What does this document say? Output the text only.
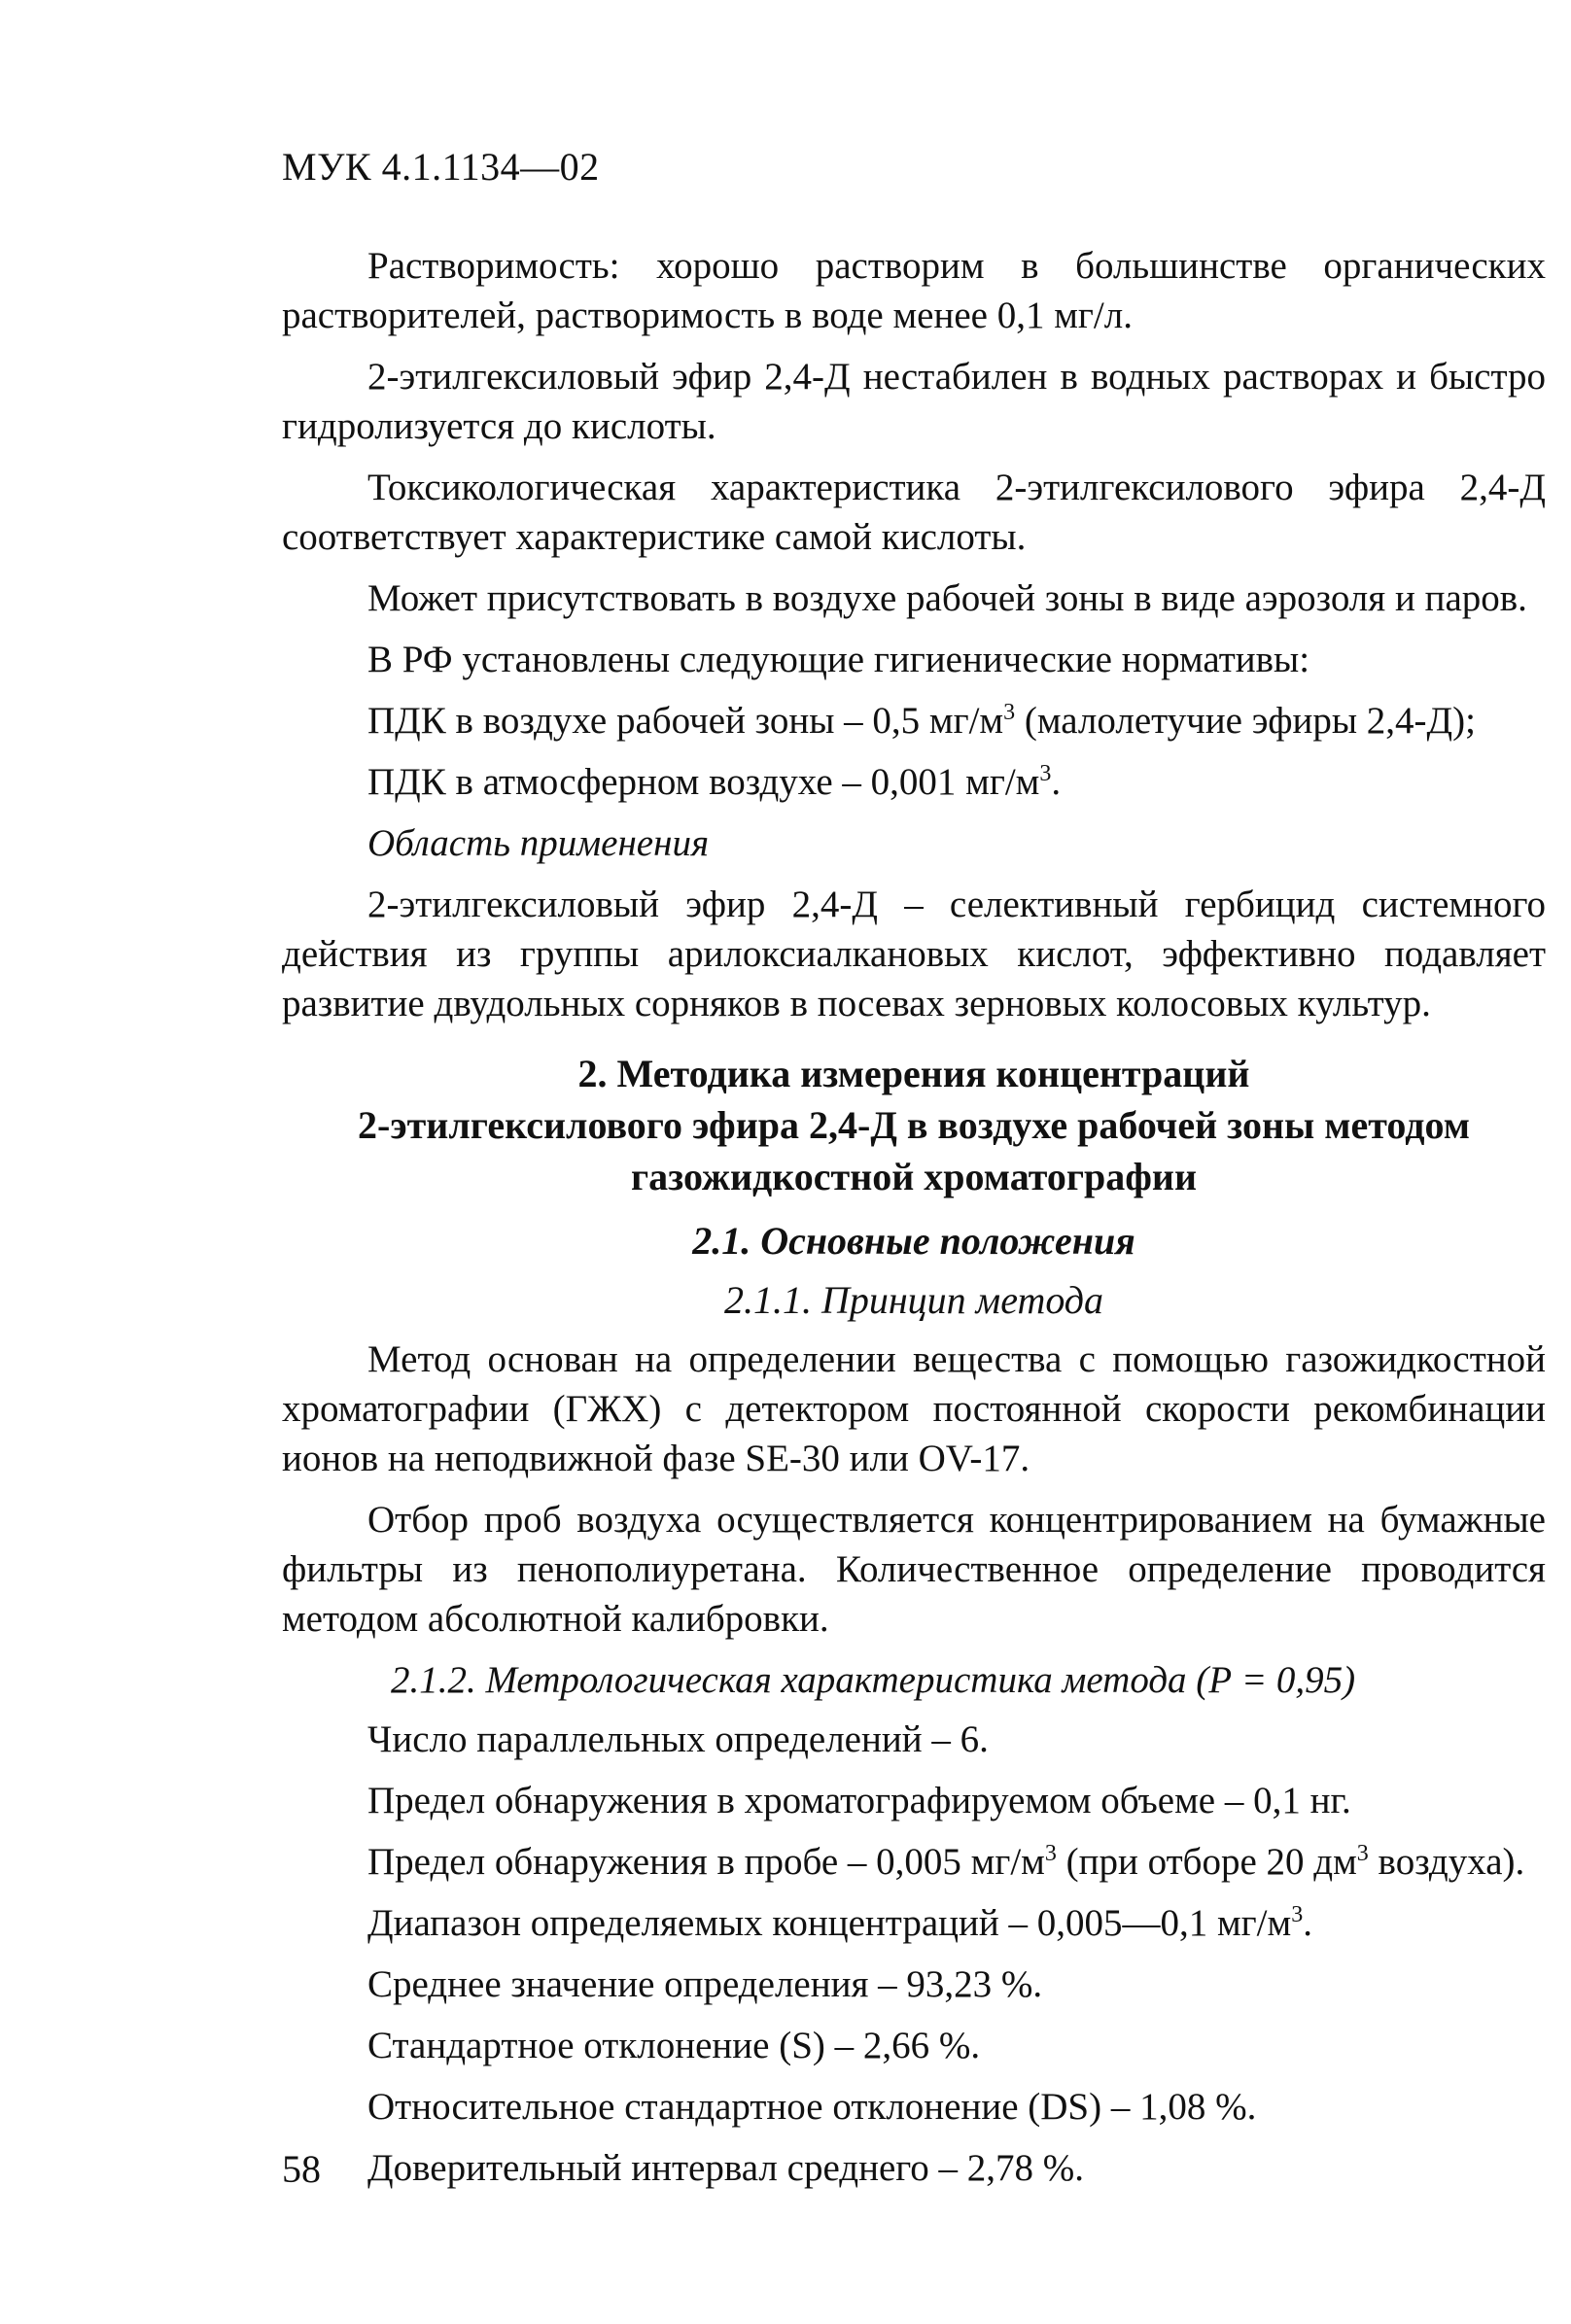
МУК 4.1.1134—02

Растворимость: хорошо растворим в большинстве органических растворителей, растворимость в воде менее 0,1 мг/л.

2-этилгексиловый эфир 2,4-Д нестабилен в водных растворах и быстро гидролизуется до кислоты.

Токсикологическая характеристика 2-этилгексилового эфира 2,4-Д соответствует характеристике самой кислоты.

Может присутствовать в воздухе рабочей зоны в виде аэрозоля и паров.

В РФ установлены следующие гигиенические нормативы:

ПДК в воздухе рабочей зоны – 0,5 $мг/м^3$ (малолетучие эфиры 2,4-Д);

ПДК в атмосферном воздухе – 0,001 $мг/м^3$.

Область применения

2-этилгексиловый эфир 2,4-Д – селективный гербицид системного действия из группы арилоксиалкановых кислот, эффективно подавляет развитие двудольных сорняков в посевах зерновых колосовых культур.

2. Методика измерения концентраций

2-этилгексилового эфира 2,4-Д в воздухе рабочей зоны методом

газожидкостной хроматографии

2.1. Основные положения

2.1.1. Принцип метода

Метод основан на определении вещества с помощью газожидкостной хроматографии (ГЖХ) с детектором постоянной скорости рекомбинации ионов на неподвижной фазе SE-30 или OV-17.

Отбор проб воздуха осуществляется концентрированием на бумажные фильтры из пенополиуретана. Количественное определение проводится методом абсолютной калибровки.

2.1.2. Метрологическая характеристика метода (Р = 0,95)

Число параллельных определений – 6.

Предел обнаружения в хроматографируемом объеме – 0,1 нг.

Предел обнаружения в пробе – 0,005 $мг/м^3$ (при отборе 20 $дм^3$ воздуха).

Диапазон определяемых концентраций – 0,005—0,1 $мг/м^3$.

Среднее значение определения – 93,23 %.

Стандартное отклонение (S) – 2,66 %.

Относительное стандартное отклонение (DS) – 1,08 %.

Доверительный интервал среднего – 2,78 %.

58
